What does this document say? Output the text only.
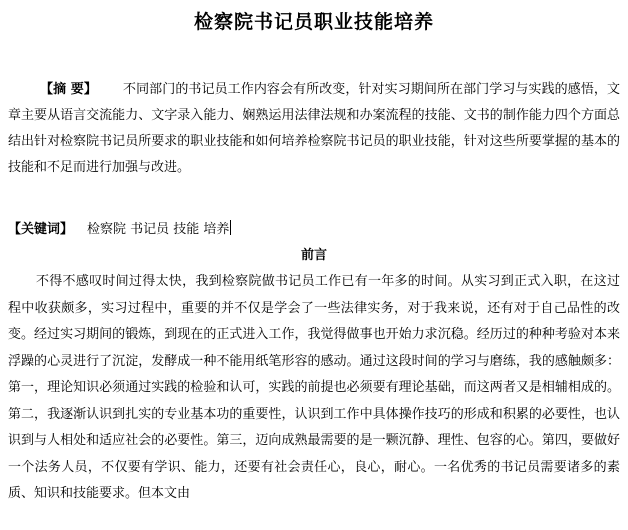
检察院书记员职业技能培养
【摘 要】   不同部门的书记员工作内容会有所改变，针对实习期间所在部门学习与实践的感悟，文章主要从语言交流能力、文字录入能力、娴熟运用法律法规和办案流程的技能、文书的制作能力四个方面总结出针对检察院书记员所要求的职业技能和如何培养检察院书记员的职业技能，针对这些所要掌握的基本的技能和不足而进行加强与改进。
【关键词】 检察院 书记员 技能 培养
前言
不得不感叹时间过得太快，我到检察院做书记员工作已有一年多的时间。从实习到正式入职，在这过程中收获颇多，实习过程中，重要的并不仅是学会了一些法律实务，对于我来说，还有对于自己品性的改变。经过实习期间的锻炼，到现在的正式进入工作，我觉得做事也开始力求沉稳。经历过的种种考验对本来浮躁的心灵进行了沉淀，发酵成一种不能用纸笔形容的感动。通过这段时间的学习与磨练，我的感触颇多：第一，理论知识必须通过实践的检验和认可，实践的前提也必须要有理论基础，而这两者又是相辅相成的。第二，我逐渐认识到扎实的专业基本功的重要性，认识到工作中具体操作技巧的形成和积累的必要性，也认识到与人相处和适应社会的必要性。第三，迈向成熟最需要的是一颗沉静、理性、包容的心。第四，要做好一个法务人员，不仅要有学识、能力，还要有社会责任心，良心，耐心。一名优秀的书记员需要诸多的素质、知识和技能要求。但本文由
